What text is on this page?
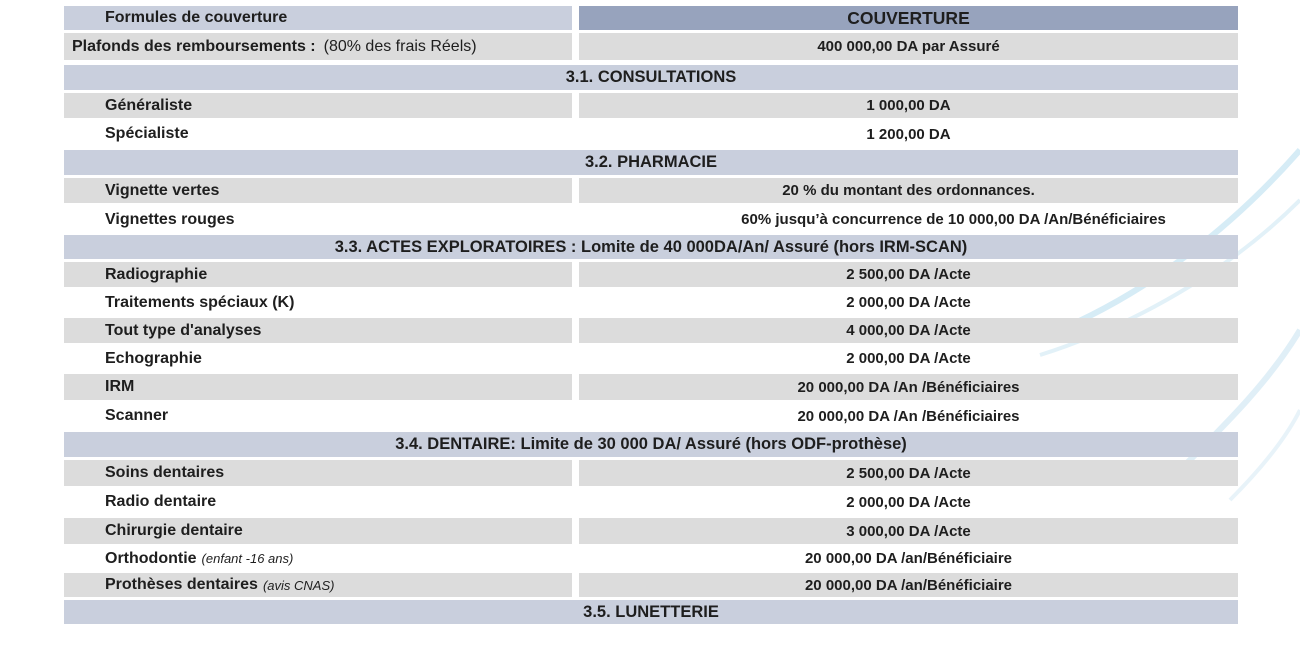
Formules de couverture	COUVERTURE
Plafonds des remboursements : (80% des frais Réels)	400 000,00 DA par Assuré
3.1. CONSULTATIONS
Généraliste	1 000,00 DA
Spécialiste	1 200,00 DA
3.2. PHARMACIE
Vignette vertes	20 % du montant des ordonnances.
Vignettes rouges	60% jusqu’à concurrence de 10 000,00 DA /An/Bénéficiaires
3.3. ACTES EXPLORATOIRES : Lomite de 40 000DA/An/ Assuré (hors IRM-SCAN)
Radiographie	2 500,00 DA /Acte
Traitements spéciaux (K)	2 000,00 DA /Acte
Tout type d'analyses	4 000,00 DA /Acte
Echographie	2 000,00 DA /Acte
IRM	20 000,00 DA /An /Bénéficiaires
Scanner	20 000,00 DA /An /Bénéficiaires
3.4. DENTAIRE: Limite de 30 000 DA/ Assuré (hors ODF-prothèse)
Soins dentaires	2 500,00 DA /Acte
Radio dentaire	2 000,00 DA /Acte
Chirurgie dentaire	3 000,00 DA /Acte
Orthodontie (enfant -16 ans)	20 000,00 DA /an/Bénéficiaire
Prothèses dentaires (avis CNAS)	20 000,00 DA /an/Bénéficiaire
3.5. LUNETTERIE
